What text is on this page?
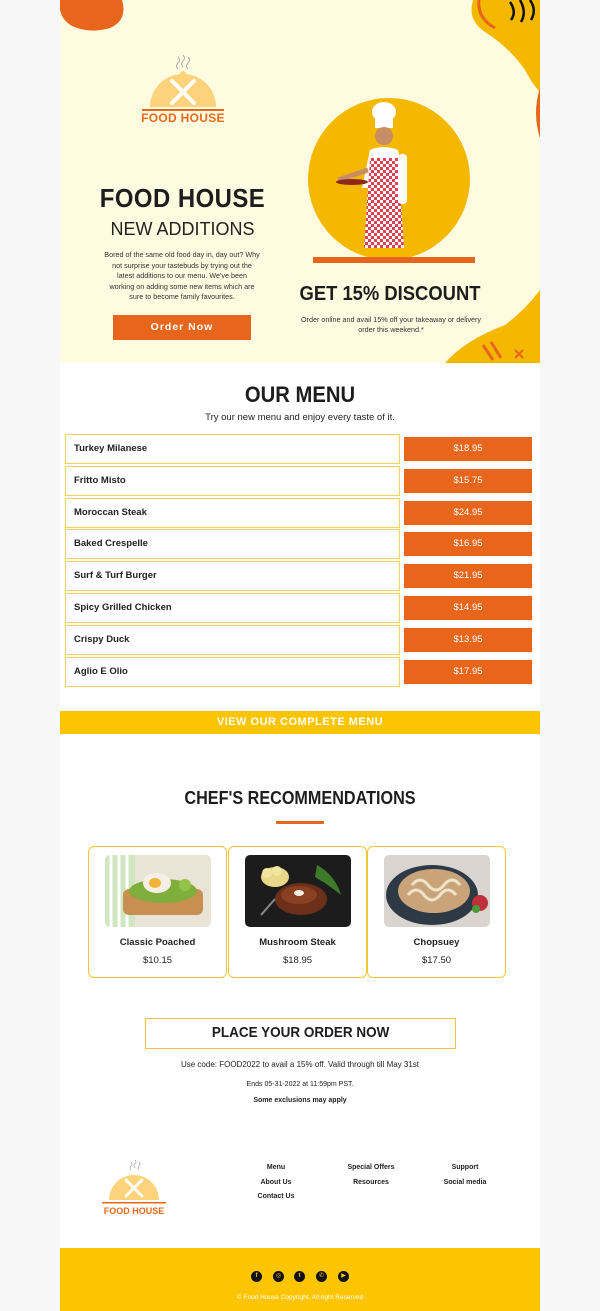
FOOD HOUSE
FOOD HOUSE
NEW ADDITIONS
Bored of the same old food day in, day out? Why not surprise your tastebuds by trying out the latest additions to our menu. We've been working on adding some new items which are sure to become family favourites.
Order Now
GET 15% DISCOUNT
Order online and avail 15% off your takeaway or delivery order this weekend.*
OUR MENU
Try our new menu and enjoy every taste of it.
Turkey Milanese	$18.95
Fritto Misto	$15.75
Moroccan Steak	$24.95
Baked Crespelle	$16.95
Surf & Turf Burger	$21.95
Spicy Grilled Chicken	$14.95
Crispy Duck	$13.95
Aglio E Olio	$17.95
VIEW OUR COMPLETE MENU
CHEF'S RECOMMENDATIONS
Classic Poached
$10.15
Mushroom Steak
$18.95
Chopsuey
$17.50
PLACE YOUR ORDER NOW
Use code: FOOD2022 to avail a 15% off. Valid through till May 31st
Ends 05-31-2022 at 11:59pm PST.
Some exclusions may apply
FOOD HOUSE
Menu
About Us
Contact Us
Special Offers
Resources
Support
Social media
f	◎	t	✆	▶
© Food House Copyright. All right Reserved
